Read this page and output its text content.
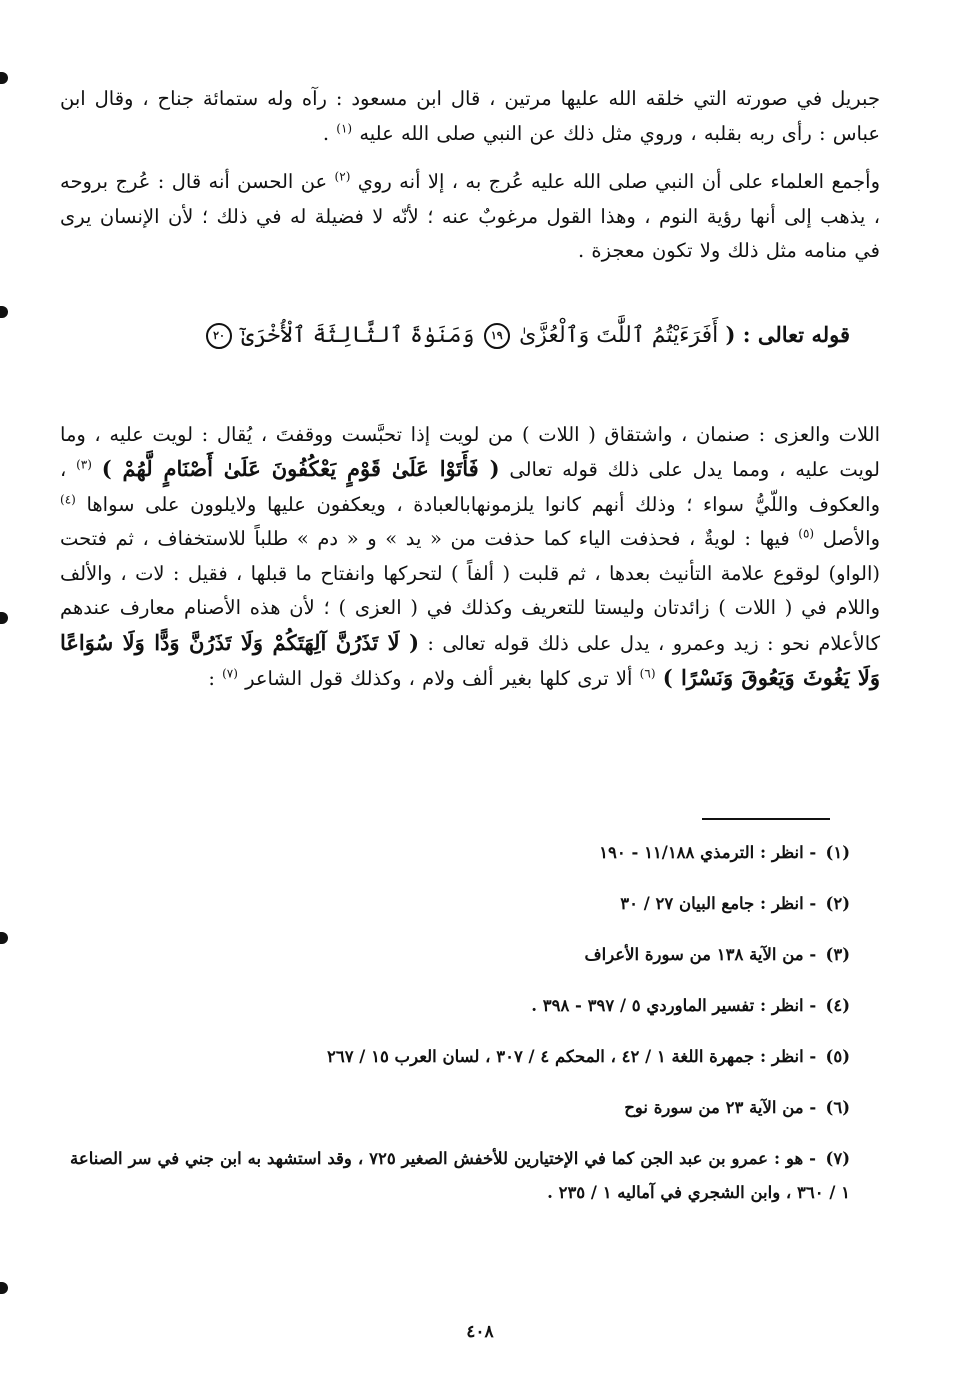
جبريل في صورته التي خلقه الله عليها مرتين ، قال ابن مسعود : رآه وله ستمائة جناح ، وقال ابن عباس : رأى ربه بقلبه ، وروي مثل ذلك عن النبي صلى الله عليه $^{(١)}$ .

وأجمع العلماء على أن النبي صلى الله عليه عُرج به ، إلا أنه روي $^{(٢)}$ عن الحسن أنه قال : عُرج بروحه ، يذهب إلى أنها رؤية النوم ، وهذا القول مرغوبٌ عنه ؛ لأنّه لا فضيلة له في ذلك ؛ لأن الإنسان يرى في منامه مثل ذلك ولا تكون معجزة .

قوله تعالى : ( أَفَرَءَيْتُمُ ٱللَّٰتَ وَٱلْعُزَّىٰ ١٩ وَمَنَوٰةَ ٱلثَّالِثَةَ ٱلْأُخْرَىٰٓ ٢٠

اللات والعزى : صنمان ، واشتقاق ( اللات ) من لويت إذا تحبَّست ووقفتَ ، يُقال : لويت عليه ، وما لويت عليه ، ومما يدل على ذلك قوله تعالى ( فَأَتَوْا عَلَىٰ قَوْمٍ يَعْكُفُونَ عَلَىٰ أَصْنَامٍ لَّهُمْ ) $^{(٣)}$ ، والعكوف واللّيُّ سواء ؛ وذلك أنهم كانوا يلزمونهابالعبادة ، ويعكفون عليها ولايلوون على سواها $^{(٤)}$ والأصل $^{(٥)}$ فيها : لويةٌ ، فحذفت الياء كما حذفت من « يد » و « دم » طلباً للاستخفاف ، ثم فتحت (الواو) لوقوع علامة التأنيث بعدها ، ثم قلبت ( ألفاً ) لتحركها وانفتاح ما قبلها ، فقيل : لات ، والألف واللام في ( اللات ) زائدتان وليستا للتعريف وكذلك في ( العزى ) ؛ لأن هذه الأصنام معارف عندهم كالأعلام نحو : زيد وعمرو ، يدل على ذلك قوله تعالى : ( لَا تَذَرُنَّ آلِهَتَكُمْ وَلَا تَذَرُنَّ وَدًّا وَلَا سُوَاعًا وَلَا يَغُوثَ وَيَعُوقَ وَنَسْرًا ) $^{(٦)}$ ألا ترى كلها بغير ألف ولام ، وكذلك قول الشاعر $^{(٧)}$ :

(١) - انظر : الترمذي ١١/١٨٨ - ١٩٠

(٢) - انظر : جامع البيان ٢٧ / ٣٠

(٣) - من الآية ١٣٨ من سورة الأعراف

(٤) - انظر : تفسير الماوردي ٥ / ٣٩٧ - ٣٩٨ .

(٥) - انظر : جمهرة اللغة ١ / ٤٢ ، المحكم ٤ / ٣٠٧ ، لسان العرب ١٥ / ٢٦٧

(٦) - من الآية ٢٣ من سورة نوح

(٧) - هو : عمرو بن عبد الجن كما في الإختيارين للأخفش الصغير ٧٢٥ ، وقد استشهد به ابن جني في سر الصناعة ١ / ٣٦٠ ، وابن الشجري في آماليه ١ / ٢٣٥ .

٤٠٨
